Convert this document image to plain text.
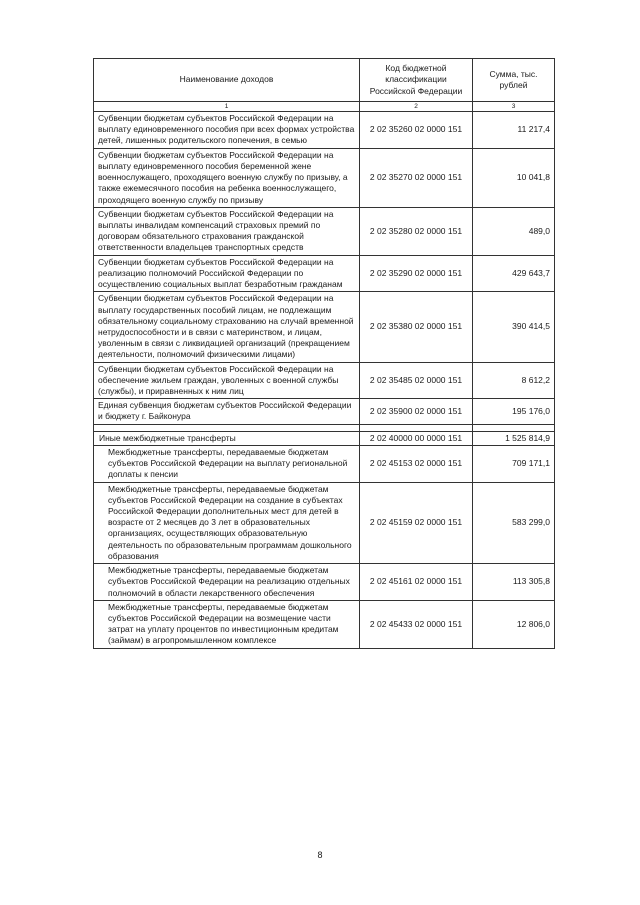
Наименование доходов	Код бюджетной классификации Российской Федерации	Сумма, тыс. рублей
1	2	3
Субвенции бюджетам субъектов Российской Федерации на выплату единовременного пособия при всех формах устройства детей, лишенных родительского попечения, в семью	2 02 35260 02 0000 151	11 217,4
Субвенции бюджетам субъектов Российской Федерации на выплату единовременного пособия беременной жене военнослужащего, проходящего военную службу по призыву, а также ежемесячного пособия на ребенка военнослужащего, проходящего военную службу по призыву	2 02 35270 02 0000 151	10 041,8
Субвенции бюджетам субъектов Российской Федерации на выплаты инвалидам компенсаций страховых премий по договорам обязательного страхования гражданской ответственности владельцев транспортных средств	2 02 35280 02 0000 151	489,0
Субвенции бюджетам субъектов Российской Федерации на реализацию полномочий Российской Федерации по осуществлению социальных выплат безработным гражданам	2 02 35290 02 0000 151	429 643,7
Субвенции бюджетам субъектов Российской Федерации на выплату государственных пособий лицам, не подлежащим обязательному социальному страхованию на случай временной нетрудоспособности и в связи с материнством, и лицам, уволенным в связи с ликвидацией организаций (прекращением деятельности, полномочий физическими лицами)	2 02 35380 02 0000 151	390 414,5
Субвенции бюджетам субъектов Российской Федерации на обеспечение жильем граждан, уволенных с военной службы (службы), и приравненных к ним лиц	2 02 35485 02 0000 151	8 612,2
Единая субвенция бюджетам субъектов Российской Федерации и бюджету г. Байконура	2 02 35900 02 0000 151	195 176,0

Иные межбюджетные трансферты	2 02 40000 00 0000 151	1 525 814,9
Межбюджетные трансферты, передаваемые бюджетам субъектов Российской Федерации на выплату региональной доплаты к пенсии	2 02 45153 02 0000 151	709 171,1
Межбюджетные трансферты, передаваемые бюджетам субъектов Российской Федерации на создание в субъектах Российской Федерации дополнительных мест для детей в возрасте от 2 месяцев до 3 лет в образовательных организациях, осуществляющих образовательную деятельность по образовательным программам дошкольного образования	2 02 45159 02 0000 151	583 299,0
Межбюджетные трансферты, передаваемые бюджетам субъектов Российской Федерации на реализацию отдельных полномочий в области лекарственного обеспечения	2 02 45161 02 0000 151	113 305,8
Межбюджетные трансферты, передаваемые бюджетам субъектов Российской Федерации на возмещение части затрат на уплату процентов по инвестиционным кредитам (займам) в агропромышленном комплексе	2 02 45433 02 0000 151	12 806,0
8
